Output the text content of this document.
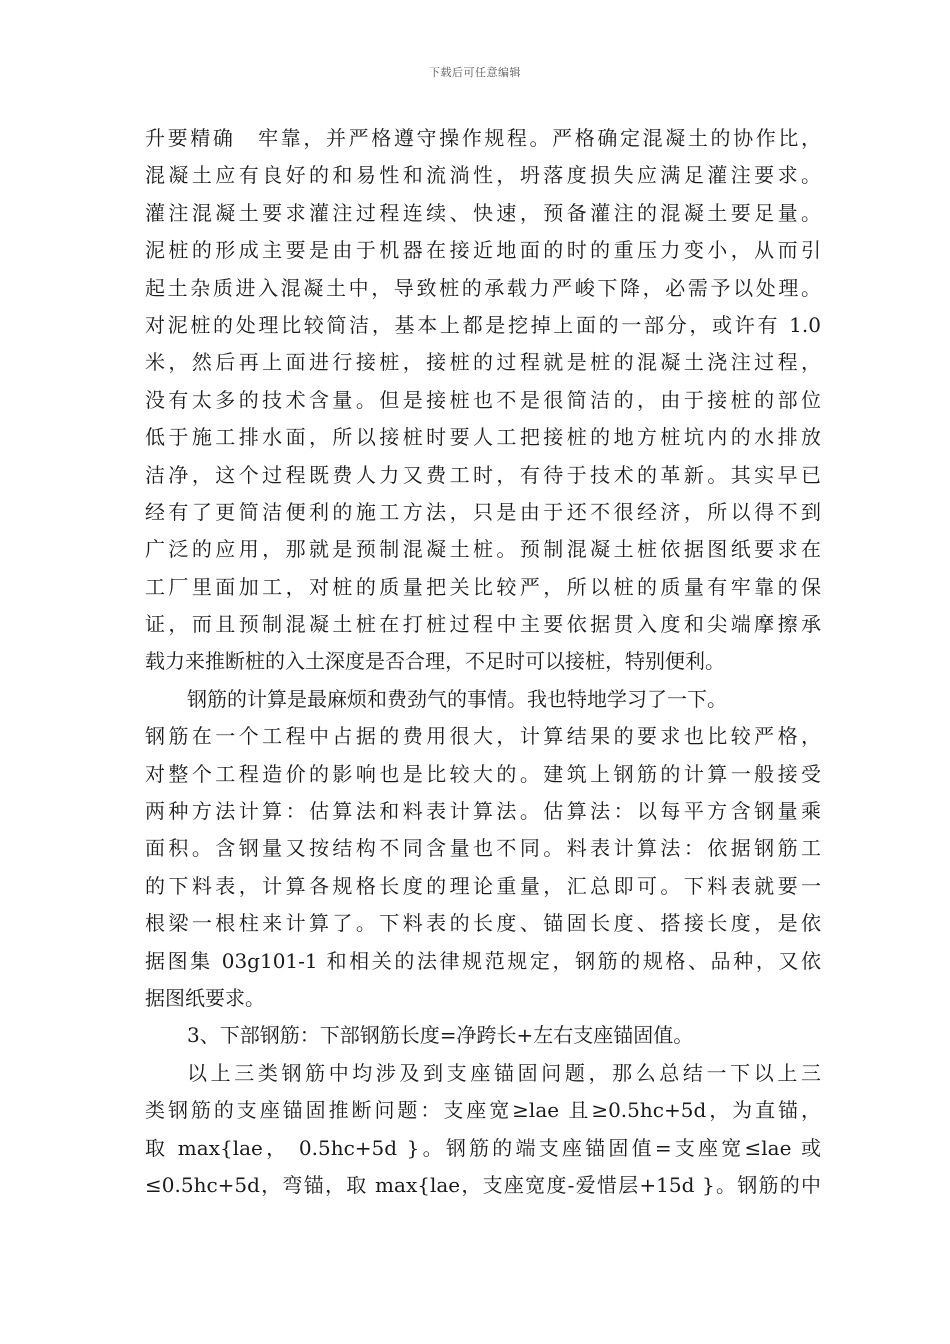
下载后可任意编辑
升要精确　牢靠，并严格遵守操作规程。严格确定混凝土的协作比，
混凝土应有良好的和易性和流淌性，坍落度损失应满足灌注要求。
灌注混凝土要求灌注过程连续、快速，预备灌注的混凝土要足量。
泥桩的形成主要是由于机器在接近地面的时的重压力变小，从而引
起土杂质进入混凝土中，导致桩的承载力严峻下降，必需予以处理。
对泥桩的处理比较简洁，基本上都是挖掉上面的一部分，或许有 1.0
米，然后再上面进行接桩，接桩的过程就是桩的混凝土浇注过程，
没有太多的技术含量。但是接桩也不是很简洁的，由于接桩的部位
低于施工排水面，所以接桩时要人工把接桩的地方桩坑内的水排放
洁净，这个过程既费人力又费工时，有待于技术的革新。其实早已
经有了更简洁便利的施工方法，只是由于还不很经济，所以得不到
广泛的应用，那就是预制混凝土桩。预制混凝土桩依据图纸要求在
工厂里面加工，对桩的质量把关比较严，所以桩的质量有牢靠的保
证，而且预制混凝土桩在打桩过程中主要依据贯入度和尖端摩擦承
载力来推断桩的入土深度是否合理，不足时可以接桩，特别便利。
钢筋的计算是最麻烦和费劲气的事情。我也特地学习了一下。
钢筋在一个工程中占据的费用很大，计算结果的要求也比较严格，
对整个工程造价的影响也是比较大的。建筑上钢筋的计算一般接受
两种方法计算：估算法和料表计算法。估算法：以每平方含钢量乘
面积。含钢量又按结构不同含量也不同。料表计算法：依据钢筋工
的下料表，计算各规格长度的理论重量，汇总即可。下料表就要一
根梁一根柱来计算了。下料表的长度、锚固长度、搭接长度，是依
据图集 03g101-1 和相关的法律规范规定，钢筋的规格、品种，又依
据图纸要求。
3、下部钢筋：下部钢筋长度=净跨长+左右支座锚固值。
以上三类钢筋中均涉及到支座锚固问题，那么总结一下以上三
类钢筋的支座锚固推断问题：支座宽≥lae 且≥0.5hc+5d，为直锚，
取 max{lae， 0.5hc+5d }。钢筋的端支座锚固值=支座宽≤lae 或
≤0.5hc+5d，弯锚，取 max{lae，支座宽度-爱惜层+15d }。钢筋的中
